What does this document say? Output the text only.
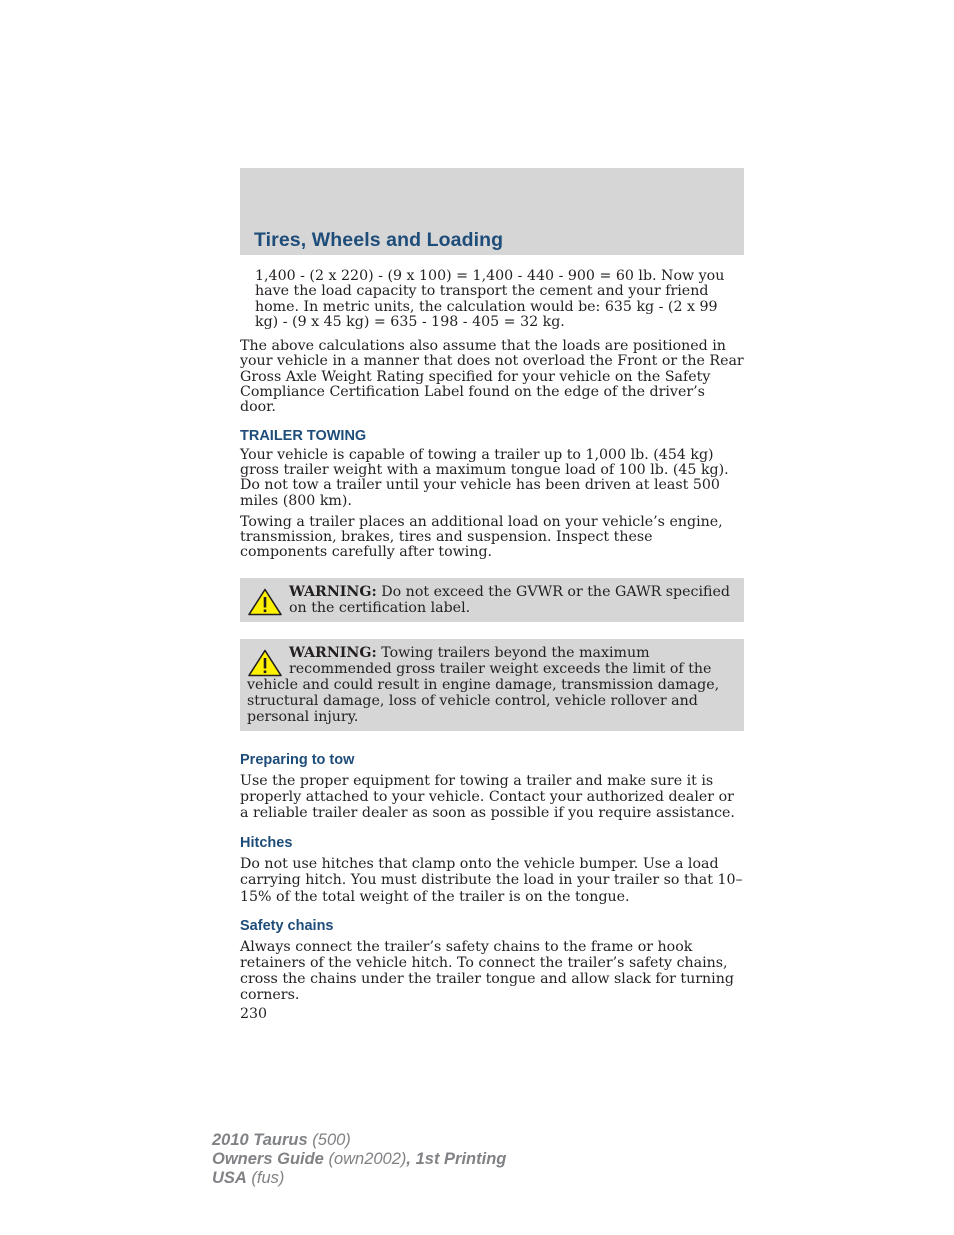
Tires, Wheels and Loading

1,400 - (2 x 220) - (9 x 100) = 1,400 - 440 - 900 = 60 lb. Now you have the load capacity to transport the cement and your friend home. In metric units, the calculation would be: 635 kg - (2 x 99 kg) - (9 x 45 kg) = 635 - 198 - 405 = 32 kg.

The above calculations also assume that the loads are positioned in your vehicle in a manner that does not overload the Front or the Rear Gross Axle Weight Rating specified for your vehicle on the Safety Compliance Certification Label found on the edge of the driver’s door.

TRAILER TOWING

Your vehicle is capable of towing a trailer up to 1,000 lb. (454 kg) gross trailer weight with a maximum tongue load of 100 lb. (45 kg). Do not tow a trailer until your vehicle has been driven at least 500 miles (800 km).

Towing a trailer places an additional load on your vehicle’s engine, transmission, brakes, tires and suspension. Inspect these components carefully after towing.

WARNING: Do not exceed the GVWR or the GAWR specified on the certification label.
WARNING: Towing trailers beyond the maximum recommended gross trailer weight exceeds the limit of the vehicle and could result in engine damage, transmission damage, structural damage, loss of vehicle control, vehicle rollover and personal injury.
Preparing to tow

Use the proper equipment for towing a trailer and make sure it is properly attached to your vehicle. Contact your authorized dealer or a reliable trailer dealer as soon as possible if you require assistance.

Hitches

Do not use hitches that clamp onto the vehicle bumper. Use a load carrying hitch. You must distribute the load in your trailer so that 10–15% of the total weight of the trailer is on the tongue.

Safety chains

Always connect the trailer’s safety chains to the frame or hook retainers of the vehicle hitch. To connect the trailer’s safety chains, cross the chains under the trailer tongue and allow slack for turning corners.

230

2010 Taurus (500)
Owners Guide (own2002), 1st Printing
USA (fus)
